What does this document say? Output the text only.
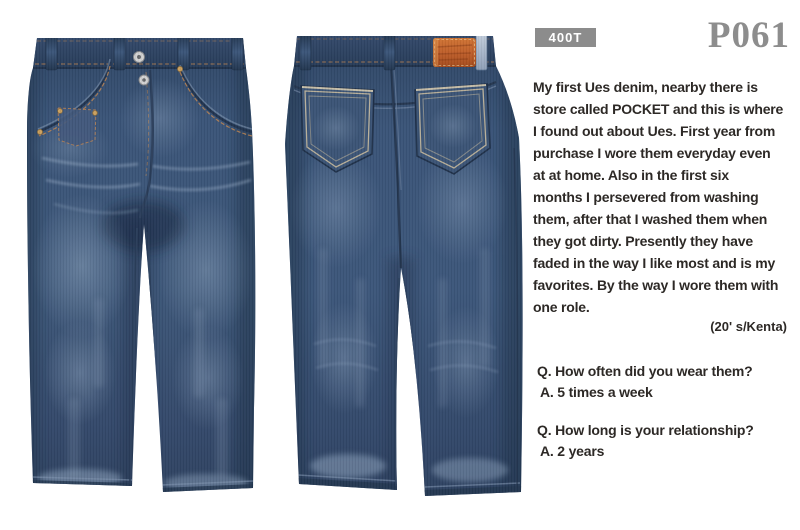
400T	P061
My first Ues denim, nearby there is
store called POCKET and this is where
I found out about Ues. First year from
purchase I wore them everyday even
at at home. Also in the first six
months I persevered from washing
them, after that I washed them when
they got dirty. Presently they have
faded in the way I like most and is my
favorites. By the way I wore them with
one role.
(20' s/Kenta)
Q. How often did you wear them?
A. 5 times a week
Q. How long is your relationship?
A. 2 years
